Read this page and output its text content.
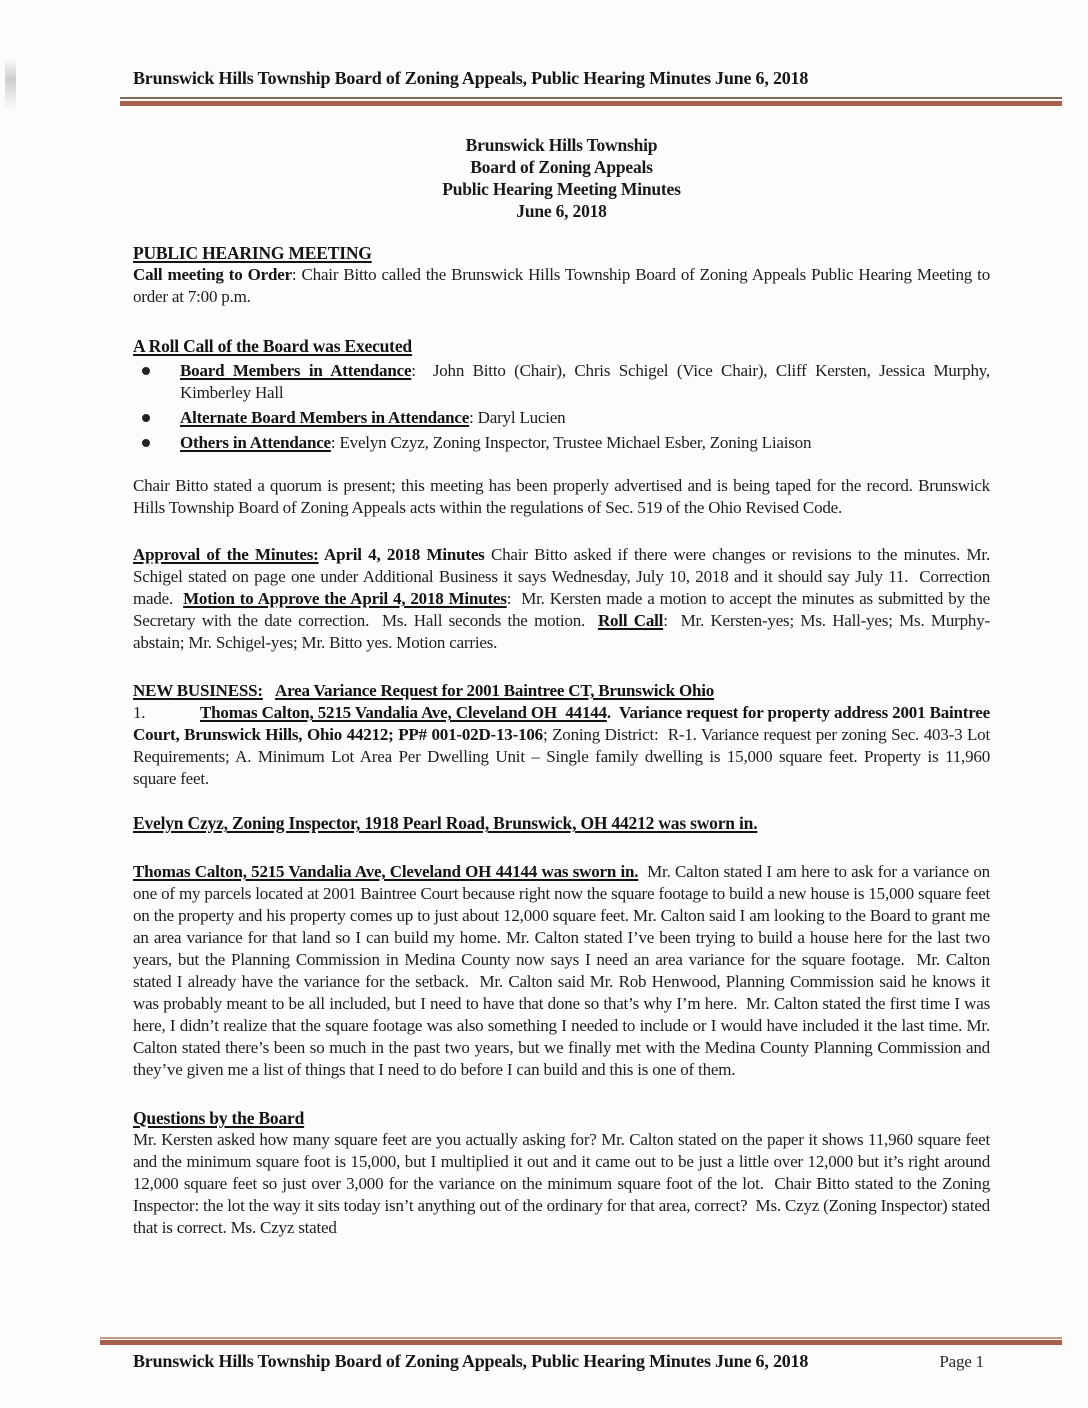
Brunswick Hills Township Board of Zoning Appeals, Public Hearing Minutes June 6, 2018
Brunswick Hills Township
Board of Zoning Appeals
Public Hearing Meeting Minutes
June 6, 2018
PUBLIC HEARING MEETING
Call meeting to Order: Chair Bitto called the Brunswick Hills Township Board of Zoning Appeals Public Hearing Meeting to order at 7:00 p.m.
A Roll Call of the Board was Executed
Board Members in Attendance:  John Bitto (Chair), Chris Schigel (Vice Chair), Cliff Kersten, Jessica Murphy, Kimberley Hall
Alternate Board Members in Attendance: Daryl Lucien
Others in Attendance: Evelyn Czyz, Zoning Inspector, Trustee Michael Esber, Zoning Liaison
Chair Bitto stated a quorum is present; this meeting has been properly advertised and is being taped for the record. Brunswick Hills Township Board of Zoning Appeals acts within the regulations of Sec. 519 of the Ohio Revised Code.
Approval of the Minutes: April 4, 2018 Minutes Chair Bitto asked if there were changes or revisions to the minutes. Mr. Schigel stated on page one under Additional Business it says Wednesday, July 10, 2018 and it should say July 11.  Correction made.  Motion to Approve the April 4, 2018 Minutes:  Mr. Kersten made a motion to accept the minutes as submitted by the Secretary with the date correction.  Ms. Hall seconds the motion.  Roll Call:  Mr. Kersten-yes; Ms. Hall-yes; Ms. Murphy-abstain; Mr. Schigel-yes; Mr. Bitto yes. Motion carries.
NEW BUSINESS: Area Variance Request for 2001 Baintree CT, Brunswick Ohio
1.	Thomas Calton, 5215 Vandalia Ave, Cleveland OH  44144.  Variance request for property address 2001 Baintree Court, Brunswick Hills, Ohio 44212; PP# 001-02D-13-106; Zoning District:  R-1. Variance request per zoning Sec. 403-3 Lot Requirements; A. Minimum Lot Area Per Dwelling Unit – Single family dwelling is 15,000 square feet. Property is 11,960 square feet.
Evelyn Czyz, Zoning Inspector, 1918 Pearl Road, Brunswick, OH 44212 was sworn in.
Thomas Calton, 5215 Vandalia Ave, Cleveland OH 44144 was sworn in.  Mr. Calton stated I am here to ask for a variance on one of my parcels located at 2001 Baintree Court because right now the square footage to build a new house is 15,000 square feet on the property and his property comes up to just about 12,000 square feet. Mr. Calton said I am looking to the Board to grant me an area variance for that land so I can build my home. Mr. Calton stated I’ve been trying to build a house here for the last two years, but the Planning Commission in Medina County now says I need an area variance for the square footage.  Mr. Calton stated I already have the variance for the setback.  Mr. Calton said Mr. Rob Henwood, Planning Commission said he knows it was probably meant to be all included, but I need to have that done so that’s why I’m here.  Mr. Calton stated the first time I was here, I didn’t realize that the square footage was also something I needed to include or I would have included it the last time. Mr. Calton stated there’s been so much in the past two years, but we finally met with the Medina County Planning Commission and they’ve given me a list of things that I need to do before I can build and this is one of them.
Questions by the Board
Mr. Kersten asked how many square feet are you actually asking for? Mr. Calton stated on the paper it shows 11,960 square feet and the minimum square foot is 15,000, but I multiplied it out and it came out to be just a little over 12,000 but it’s right around 12,000 square feet so just over 3,000 for the variance on the minimum square foot of the lot.  Chair Bitto stated to the Zoning Inspector: the lot the way it sits today isn’t anything out of the ordinary for that area, correct?  Ms. Czyz (Zoning Inspector) stated that is correct. Ms. Czyz stated
Brunswick Hills Township Board of Zoning Appeals, Public Hearing Minutes June 6, 2018	Page 1
